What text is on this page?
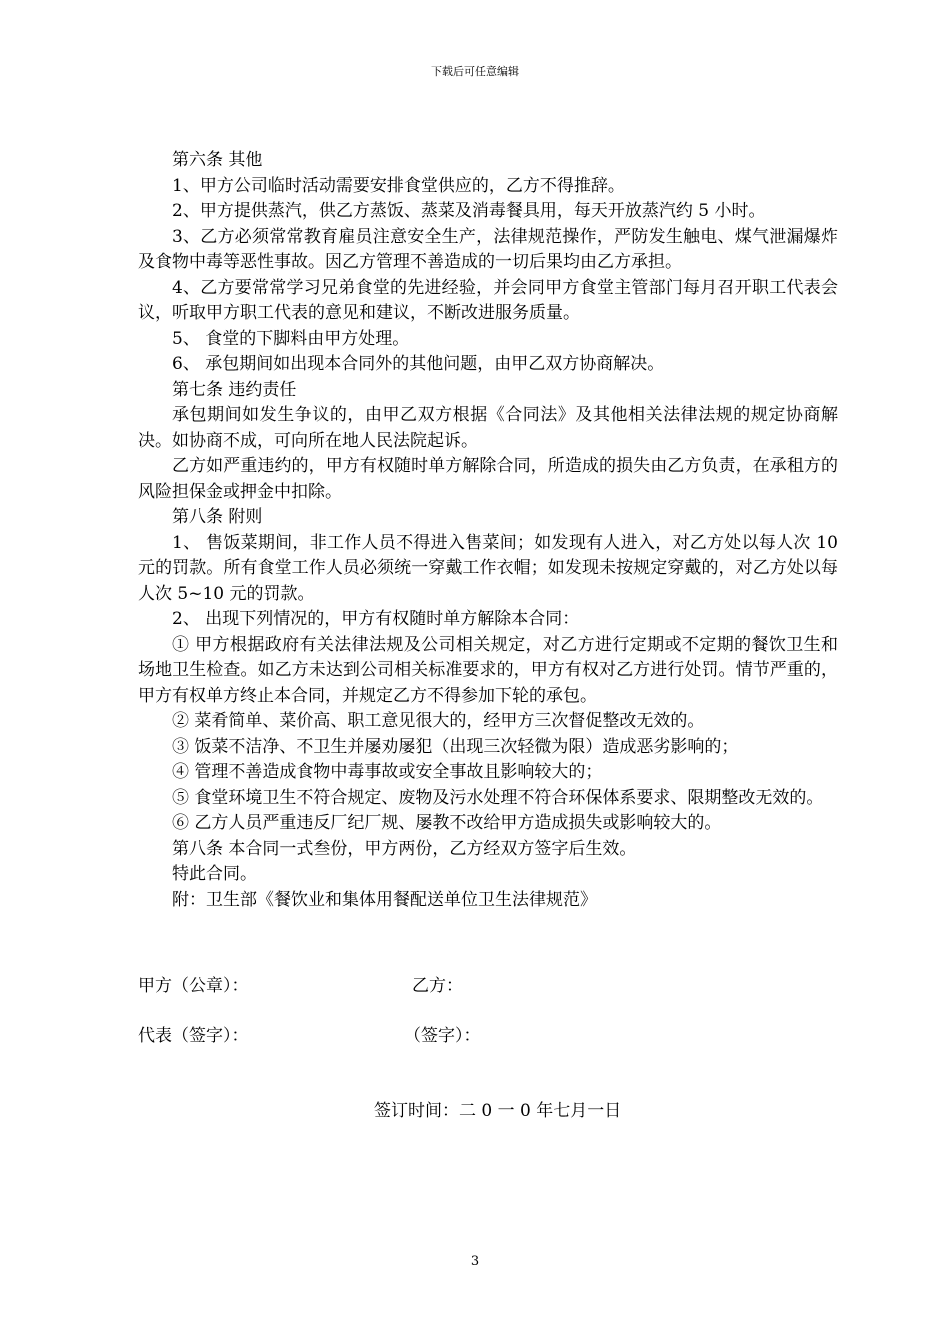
下载后可任意编辑

第六条 其他

1、甲方公司临时活动需要安排食堂供应的，乙方不得推辞。

2、甲方提供蒸汽，供乙方蒸饭、蒸菜及消毒餐具用，每天开放蒸汽约 5 小时。

3、乙方必须常常教育雇员注意安全生产，法律规范操作，严防发生触电、煤气泄漏爆炸及食物中毒等恶性事故。因乙方管理不善造成的一切后果均由乙方承担。

4、乙方要常常学习兄弟食堂的先进经验，并会同甲方食堂主管部门每月召开职工代表会议，听取甲方职工代表的意见和建议，不断改进服务质量。

5、 食堂的下脚料由甲方处理。

6、 承包期间如出现本合同外的其他问题，由甲乙双方协商解决。

第七条 违约责任

承包期间如发生争议的，由甲乙双方根据《合同法》及其他相关法律法规的规定协商解决。如协商不成，可向所在地人民法院起诉。

乙方如严重违约的，甲方有权随时单方解除合同，所造成的损失由乙方负责，在承租方的风险担保金或押金中扣除。

第八条 附则

1、 售饭菜期间，非工作人员不得进入售菜间；如发现有人进入，对乙方处以每人次 10 元的罚款。所有食堂工作人员必须统一穿戴工作衣帽；如发现未按规定穿戴的，对乙方处以每人次 5~10 元的罚款。

2、 出现下列情况的，甲方有权随时单方解除本合同：

① 甲方根据政府有关法律法规及公司相关规定，对乙方进行定期或不定期的餐饮卫生和场地卫生检查。如乙方未达到公司相关标准要求的，甲方有权对乙方进行处罚。情节严重的，甲方有权单方终止本合同，并规定乙方不得参加下轮的承包。

② 菜肴简单、菜价高、职工意见很大的，经甲方三次督促整改无效的。

③ 饭菜不洁净、不卫生并屡劝屡犯（出现三次轻微为限）造成恶劣影响的；

④ 管理不善造成食物中毒事故或安全事故且影响较大的；

⑤ 食堂环境卫生不符合规定、废物及污水处理不符合环保体系要求、限期整改无效的。

⑥ 乙方人员严重违反厂纪厂规、屡教不改给甲方造成损失或影响较大的。

第八条 本合同一式叁份，甲方两份，乙方经双方签字后生效。

特此合同。

附：卫生部《餐饮业和集体用餐配送单位卫生法律规范》

甲方（公章）：	乙方：
代表（签字）：	（签字）：
签订时间：二 0 一 0 年七月一日
3
